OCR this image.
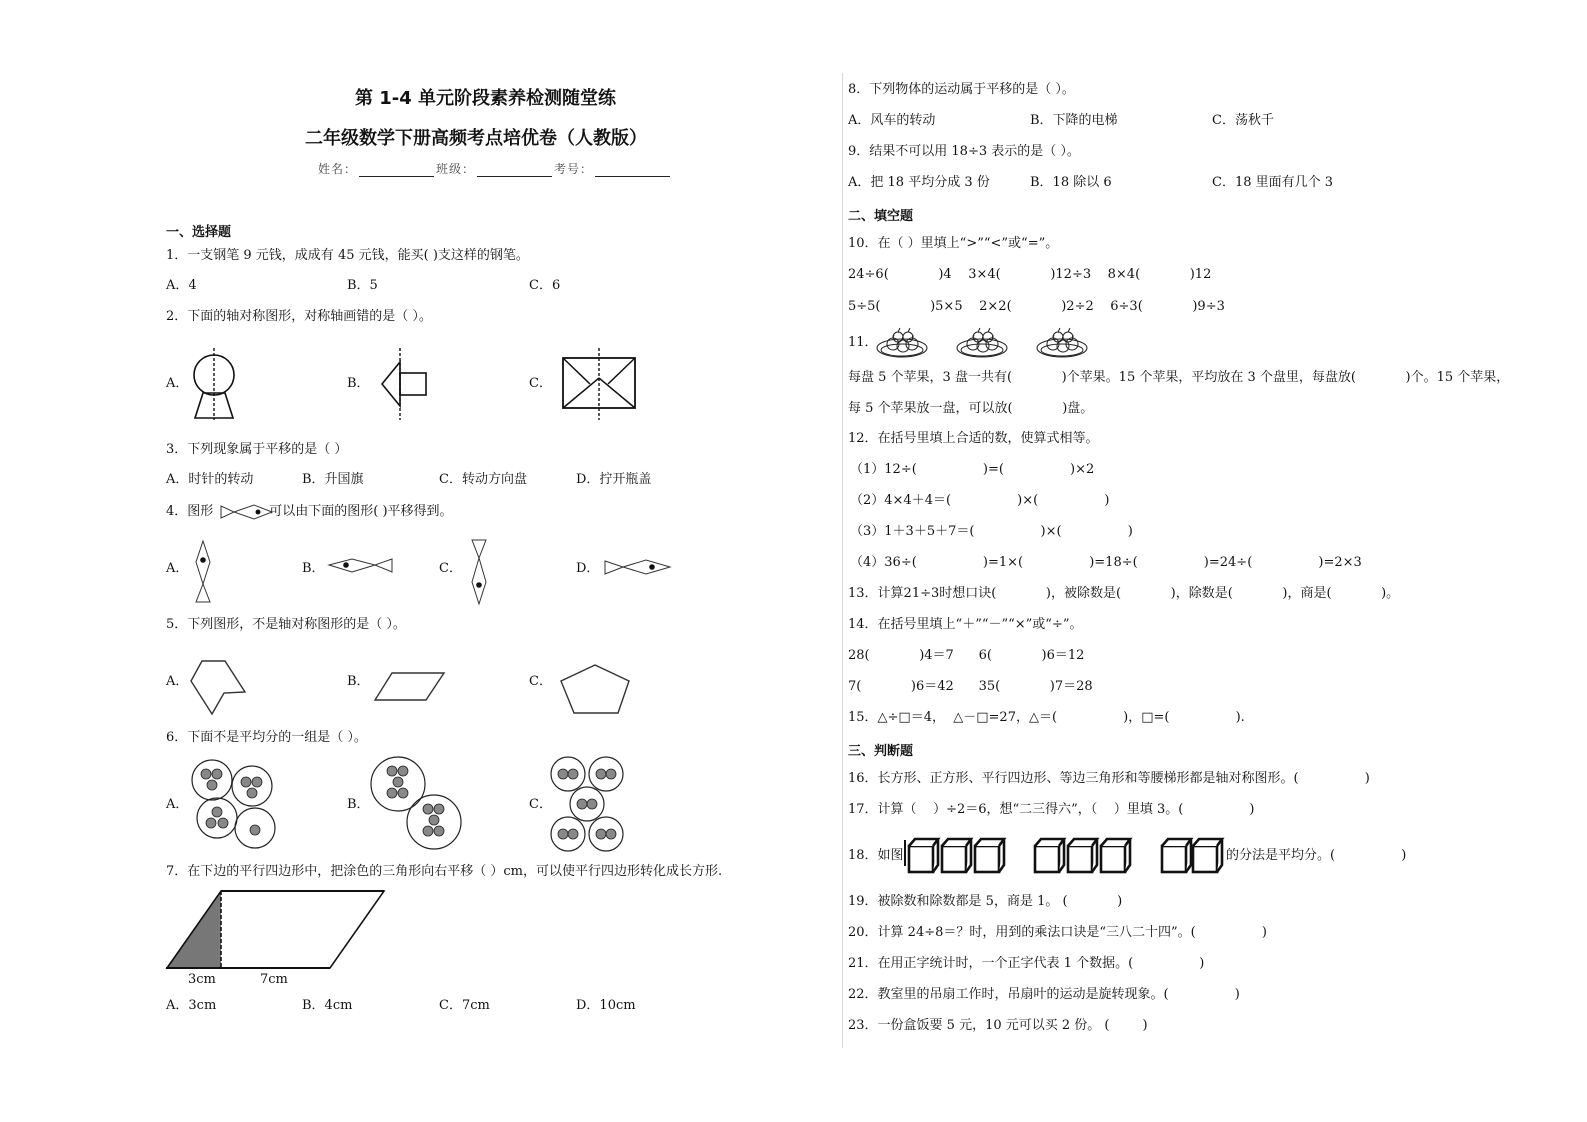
第 1-4 单元阶段素养检测随堂练
二年级数学下册高频考点培优卷（人教版）
姓名：	班级：	考号：
一、选择题
1．一支钢笔 9 元钱，成成有 45 元钱，能买( )支这样的钢笔。
A．4	B．5	C．6
2．下面的轴对称图形，对称轴画错的是（ ）。
A．	B．	C．
3．下列现象属于平移的是（ ）
A．时针的转动	B．升国旗	C．转动方向盘	D．拧开瓶盖
4．图形	可以由下面的图形( )平移得到。
A．	B．	C．	D．
5．下列图形，不是轴对称图形的是（ ）。
A．	B．	C．
6．下面不是平均分的一组是（ ）。
A．	B．	C．
7．在下边的平行四边形中，把涂色的三角形向右平移（ ）cm，可以使平行四边形转化成长方形.
3cm	7cm
A．3cm	B．4cm	C．7cm	D．10cm
8．下列物体的运动属于平移的是（ ）。
A．风车的转动	B．下降的电梯	C．荡秋千
9．结果不可以用 18÷3 表示的是（ ）。
A．把 18 平均分成 3 份	B．18 除以 6	C．18 里面有几个 3
二、填空题
10．在（ ）里填上“>”“<”或“=”。
24÷6(            )4    3×4(            )12÷3    8×4(            )12
5÷5(            )5×5    2×2(            )2÷2    6÷3(            )9÷3
11．
每盘 5 个苹果，3 盘一共有(            )个苹果。15 个苹果，平均放在 3 个盘里，每盘放(            )个。15 个苹果，
每 5 个苹果放一盘，可以放(            )盘。
12．在括号里填上合适的数，使算式相等。
（1）12÷(                )=(                )×2
（2）4×4＋4＝(                )×(                )
（3）1＋3＋5＋7＝(                )×(                )
（4）36÷(                )=1×(                )=18÷(                )=24÷(                )=2×3
13．计算21÷3时想口诀(            )，被除数是(            )，除数是(            )，商是(            )。
14．在括号里填上“＋”“－”“×”或“÷”。
28(            )4＝7      6(            )6＝12
7(            )6＝42      35(            )7＝28
15．△÷□＝4，  △－□=27，△＝(                )，□=(                ).
三、判断题
16．长方形、正方形、平行四边形、等边三角形和等腰梯形都是轴对称图形。(                )
17．计算（    ）÷2＝6，想“二三得六”，（    ）里填 3。(                )
18．如图	的分法是平均分。(                )
19．被除数和除数都是 5，商是 1。 (            )
20．计算 24÷8＝？时，用到的乘法口诀是“三八二十四”。(                )
21．在用正字统计时，一个正字代表 1 个数据。(                )
22．教室里的吊扇工作时，吊扇叶的运动是旋转现象。(                )
23．一份盒饭要 5 元，10 元可以买 2 份。 (        )
